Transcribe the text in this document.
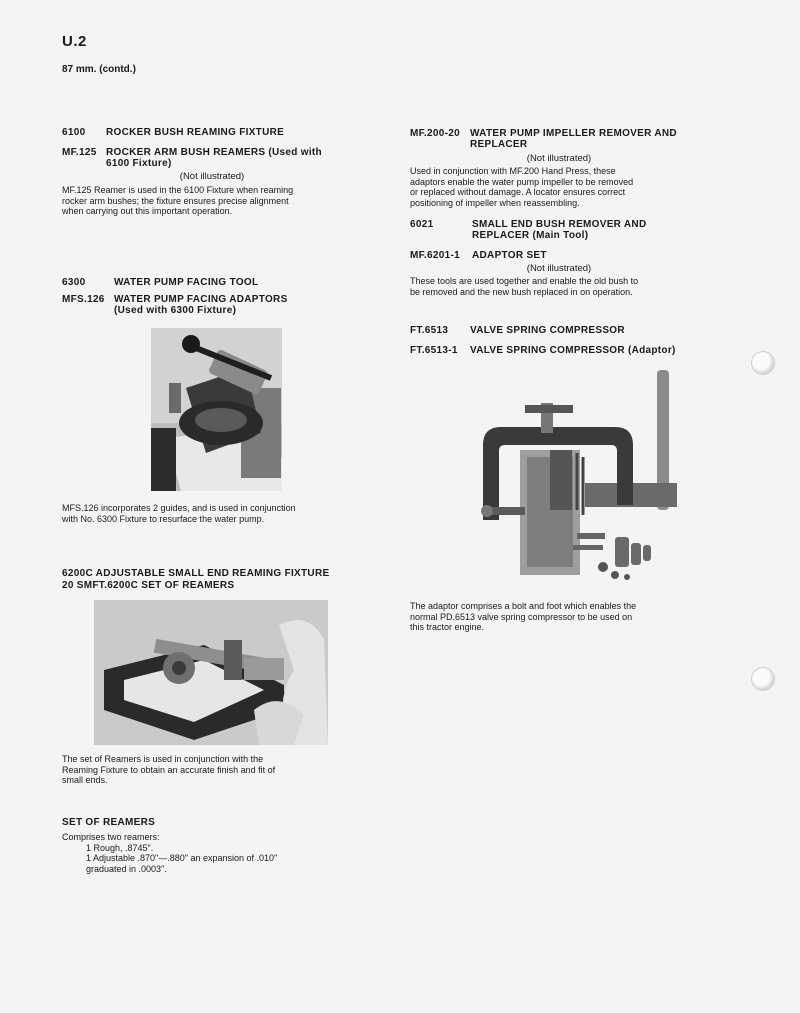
U.2
87 mm. (contd.)
6100 ROCKER BUSH REAMING FIXTURE
MF.125 ROCKER ARM BUSH REAMERS (Used with
6100 Fixture)
(Not illustrated)
MF.125 Reamer is used in the 6100 Fixture when reaming
rocker arm bushes; the fixture ensures precise alignment
when carrying out this important operation.
6300	WATER PUMP FACING TOOL
MFS.126 WATER PUMP FACING ADAPTORS
(Used with 6300 Fixture)
MFS.126 incorporates 2 guides, and is used in conjunction
with No. 6300 Fixture to resurface the water pump.
6200C ADJUSTABLE SMALL END REAMING FIXTURE
20 SMFT.6200C SET OF REAMERS
The set of Reamers is used in conjunction with the
Reaming Fixture to obtain an accurate finish and fit of
small ends.
SET OF REAMERS
Comprises two reamers:
1 Rough, .8745".
1 Adjustable .870"—.880" an expansion of .010"
graduated in .0003".
MF.200-20 WATER PUMP IMPELLER REMOVER AND
REPLACER
(Not illustrated)
Used in conjunction with MF.200 Hand Press, these
adaptors enable the water pump impeller to be removed
or replaced without damage. A locator ensures correct
positioning of impeller when reassembling.
6021	SMALL END BUSH REMOVER AND
REPLACER (Main Tool)
MF.6201-1 ADAPTOR SET
(Not illustrated)
These tools are used together and enable the old bush to
be removed and the new bush replaced in on operation.
FT.6513 VALVE SPRING COMPRESSOR
FT.6513-1 VALVE SPRING COMPRESSOR (Adaptor)
The adaptor comprises a bolt and foot which enables the
normal PD.6513 valve spring compressor to be used on
this tractor engine.
